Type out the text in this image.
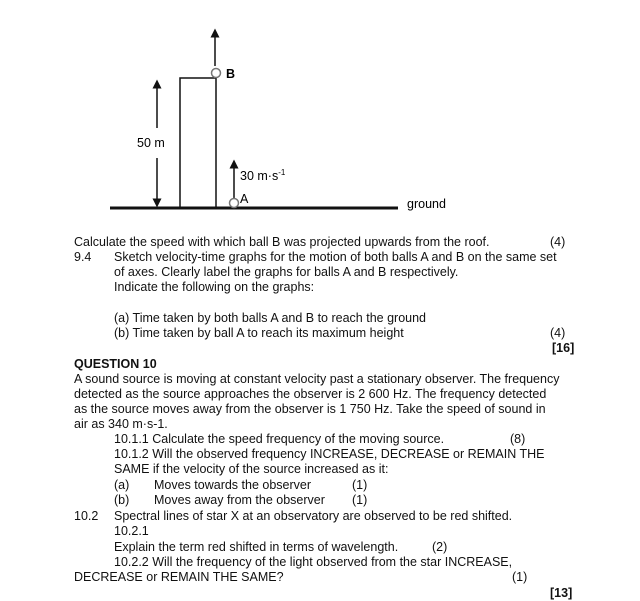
50 m
B
A
30 $m\cdot s^{-1}$
ground
Calculate the speed with which ball B was projected upwards from the roof.	(4)
9.4 Sketch velocity-time graphs for the motion of both balls A and B on the same set
of axes. Clearly label the graphs for balls A and B respectively.
Indicate the following on the graphs:
(a) Time taken by both balls A and B to reach the ground
(b) Time taken by ball A to reach its maximum height	(4)
[16]
QUESTION 10
A sound source is moving at constant velocity past a stationary observer. The frequency
detected as the source approaches the observer is 2 600 Hz. The frequency detected
as the source moves away from the observer is 1 750 Hz. Take the speed of sound in
air as 340 m·s-1.
10.1.1 Calculate the speed frequency of the moving source.	(8)
10.1.2 Will the observed frequency INCREASE, DECREASE or REMAIN THE
SAME if the velocity of the source increased as it:
(a) Moves towards the observer	(1)
(b) Moves away from the observer (1)
10.2 Spectral lines of star X at an observatory are observed to be red shifted.
10.2.1
Explain the term red shifted in terms of wavelength.	(2)
10.2.2 Will the frequency of the light observed from the star INCREASE,
DECREASE or REMAIN THE SAME?	(1)
[13]
